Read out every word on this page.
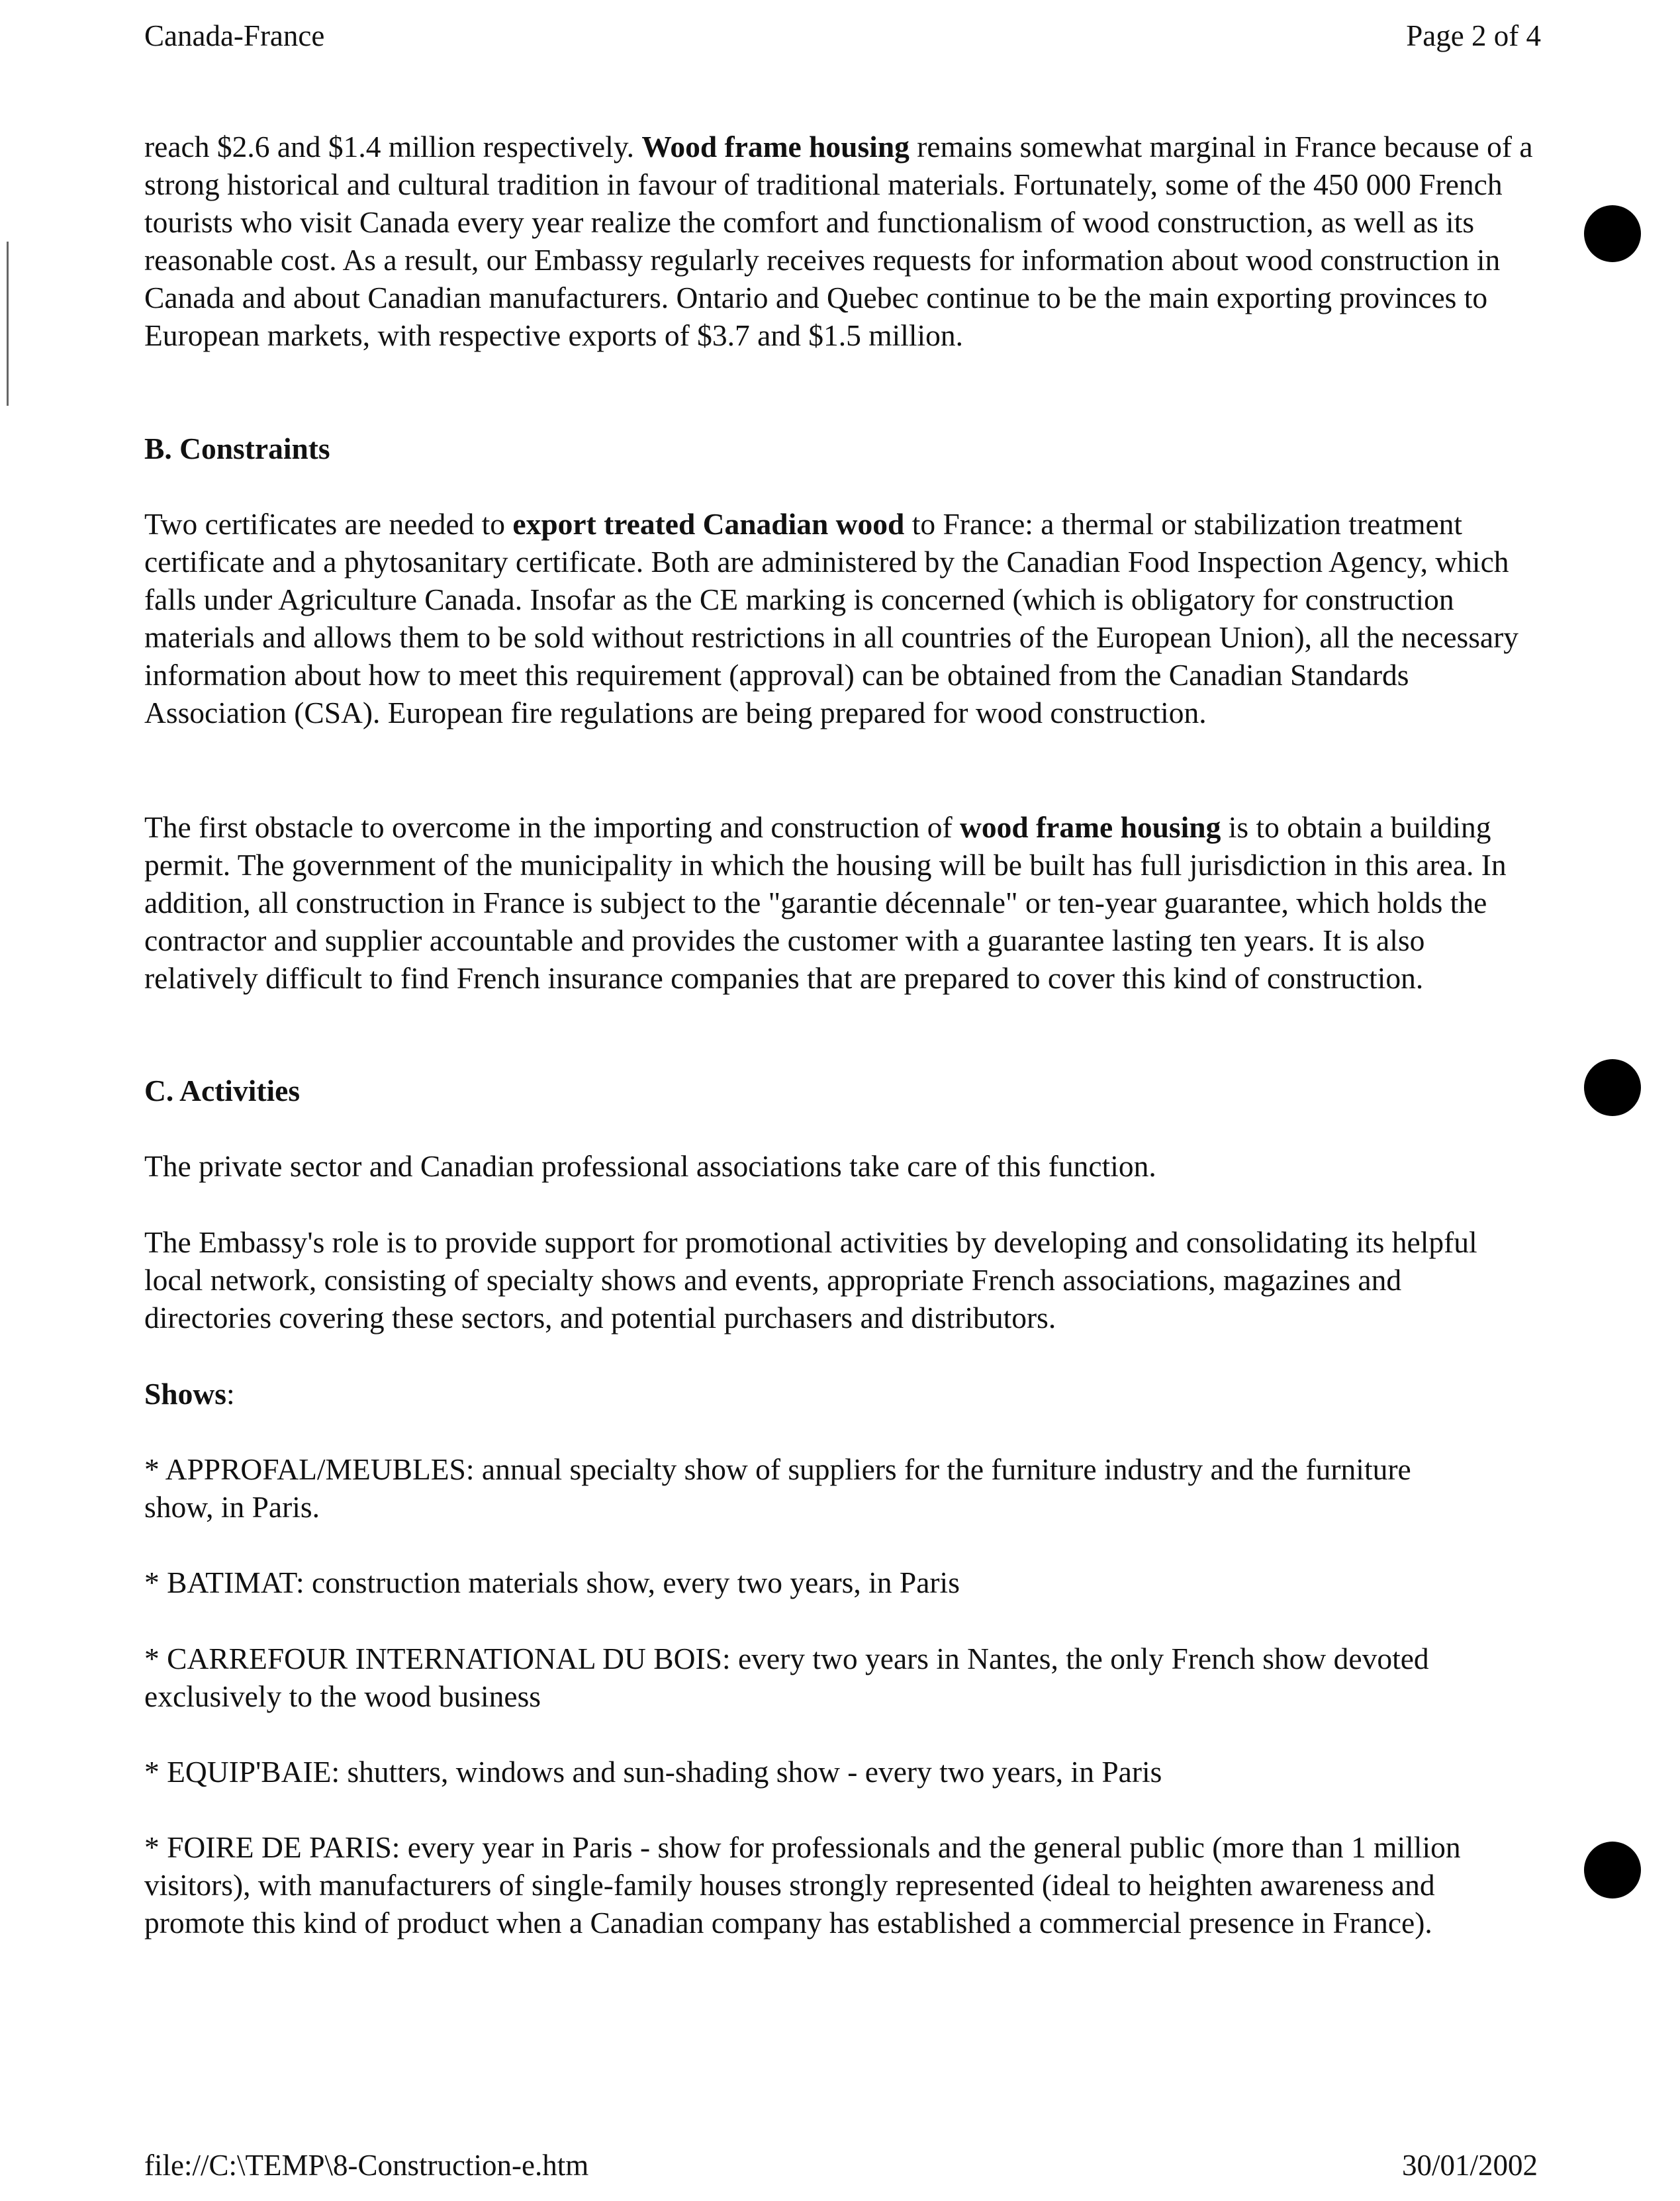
Canada-France	Page 2 of 4
reach $2.6 and $1.4 million respectively. Wood frame housing remains somewhat marginal in France because of a strong historical and cultural tradition in favour of traditional materials. Fortunately, some of the 450 000 French tourists who visit Canada every year realize the comfort and functionalism of wood construction, as well as its reasonable cost. As a result, our Embassy regularly receives requests for information about wood construction in Canada and about Canadian manufacturers. Ontario and Quebec continue to be the main exporting provinces to European markets, with respective exports of $3.7 and $1.5 million.
B. Constraints
Two certificates are needed to export treated Canadian wood to France: a thermal or stabilization treatment certificate and a phytosanitary certificate. Both are administered by the Canadian Food Inspection Agency, which falls under Agriculture Canada. Insofar as the CE marking is concerned (which is obligatory for construction materials and allows them to be sold without restrictions in all countries of the European Union), all the necessary information about how to meet this requirement (approval) can be obtained from the Canadian Standards Association (CSA). European fire regulations are being prepared for wood construction.
The first obstacle to overcome in the importing and construction of wood frame housing is to obtain a building permit. The government of the municipality in which the housing will be built has full jurisdiction in this area. In addition, all construction in France is subject to the "garantie décennale" or ten-year guarantee, which holds the contractor and supplier accountable and provides the customer with a guarantee lasting ten years. It is also relatively difficult to find French insurance companies that are prepared to cover this kind of construction.
C. Activities
The private sector and Canadian professional associations take care of this function.
The Embassy's role is to provide support for promotional activities by developing and consolidating its helpful local network, consisting of specialty shows and events, appropriate French associations, magazines and directories covering these sectors, and potential purchasers and distributors.
Shows:
* APPROFAL/MEUBLES: annual specialty show of suppliers for the furniture industry and the furniture show, in Paris.
* BATIMAT: construction materials show, every two years, in Paris
* CARREFOUR INTERNATIONAL DU BOIS: every two years in Nantes, the only French show devoted exclusively to the wood business
* EQUIP'BAIE: shutters, windows and sun-shading show - every two years, in Paris
* FOIRE DE PARIS: every year in Paris - show for professionals and the general public (more than 1 million visitors), with manufacturers of single-family houses strongly represented (ideal to heighten awareness and promote this kind of product when a Canadian company has established a commercial presence in France).
file://C:\TEMP\8-Construction-e.htm	30/01/2002
